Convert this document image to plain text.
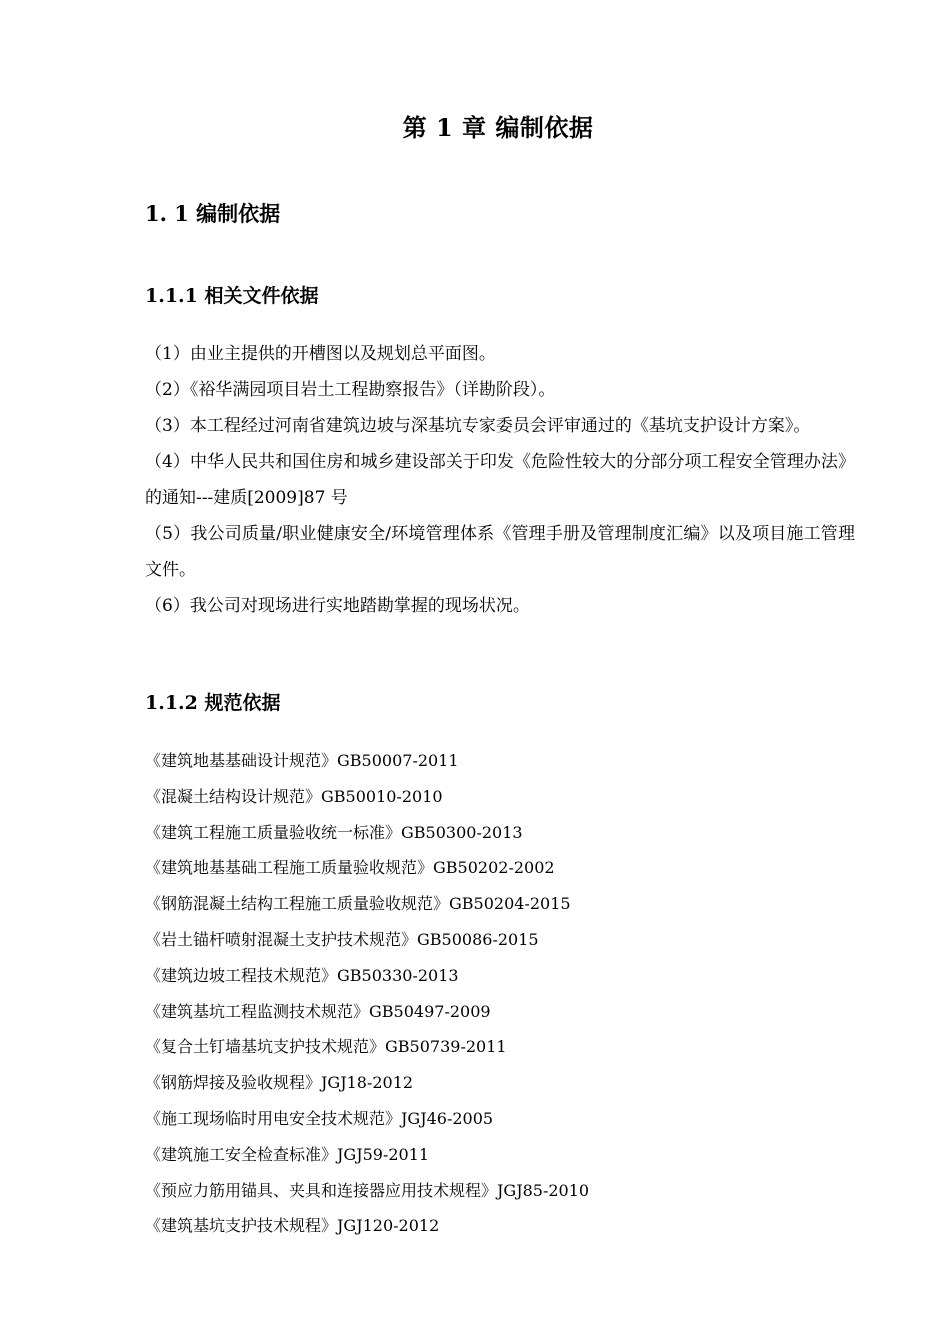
第 1 章 编制依据
1. 1 编制依据
1.1.1 相关文件依据

（1）由业主提供的开槽图以及规划总平面图。

（2）《裕华满园项目岩土工程勘察报告》（详勘阶段）。

（3）本工程经过河南省建筑边坡与深基坑专家委员会评审通过的《基坑支护设计方案》。

（4）中华人民共和国住房和城乡建设部关于印发《危险性较大的分部分项工程安全管理办法》的通知---建质[2009]87 号

（5）我公司质量/职业健康安全/环境管理体系《管理手册及管理制度汇编》以及项目施工管理文件。

（6）我公司对现场进行实地踏勘掌握的现场状况。

1.1.2 规范依据
《建筑地基基础设计规范》GB50007-2011
《混凝土结构设计规范》GB50010-2010
《建筑工程施工质量验收统一标准》GB50300-2013
《建筑地基基础工程施工质量验收规范》GB50202-2002
《钢筋混凝土结构工程施工质量验收规范》GB50204-2015
《岩土锚杆喷射混凝土支护技术规范》GB50086-2015
《建筑边坡工程技术规范》GB50330-2013
《建筑基坑工程监测技术规范》GB50497-2009
《复合土钉墙基坑支护技术规范》GB50739-2011
《钢筋焊接及验收规程》JGJ18-2012
《施工现场临时用电安全技术规范》JGJ46-2005
《建筑施工安全检查标准》JGJ59-2011
《预应力筋用锚具、夹具和连接器应用技术规程》JGJ85-2010
《建筑基坑支护技术规程》JGJ120-2012
